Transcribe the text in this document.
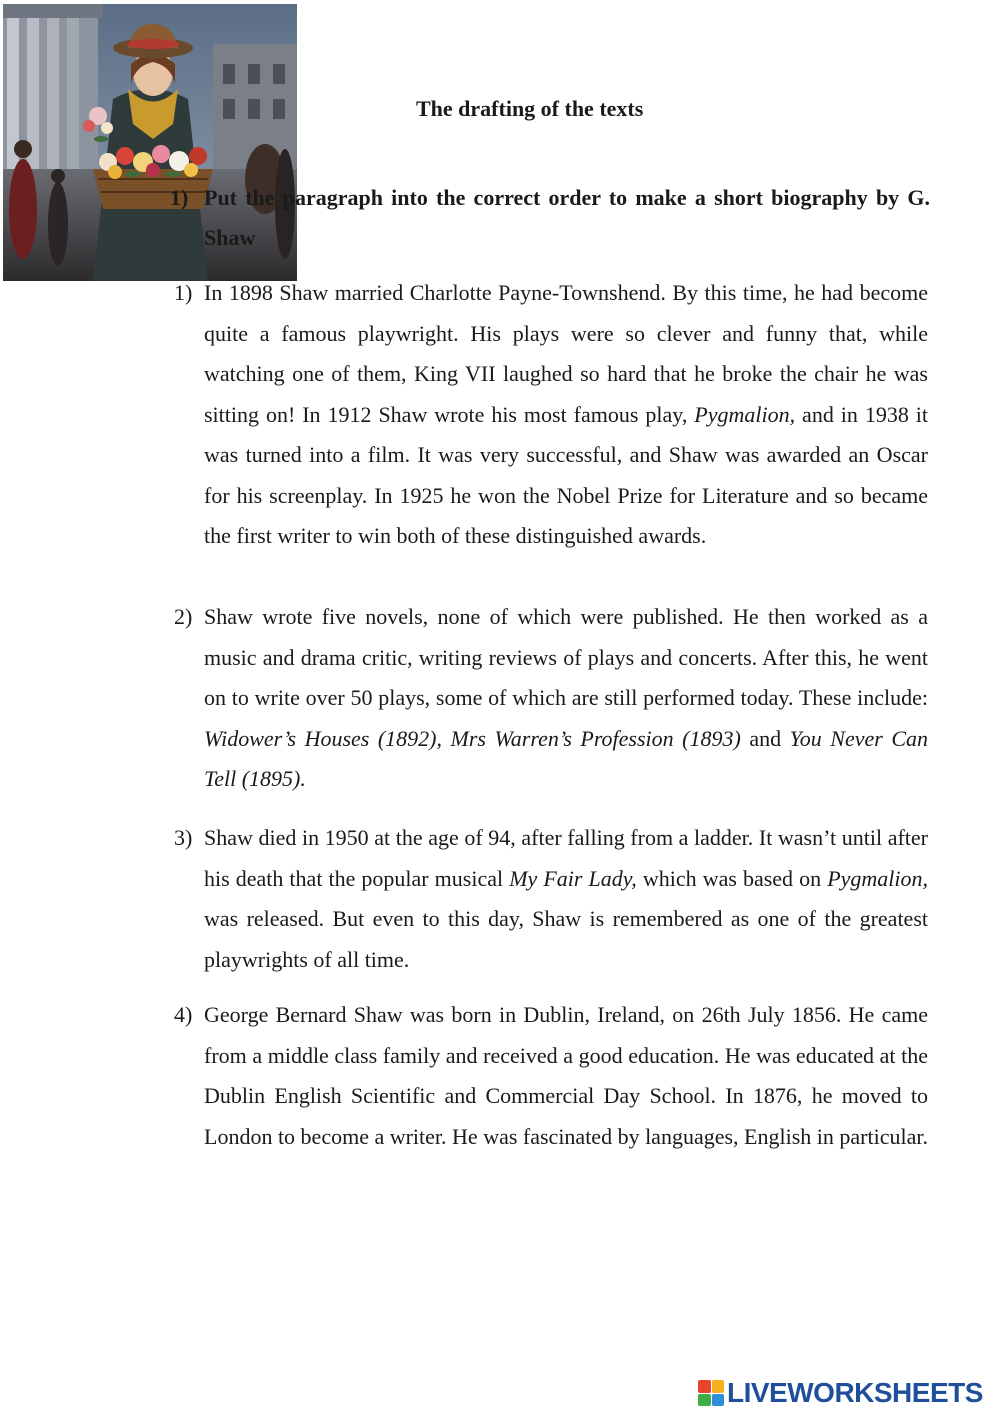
The drafting of the texts
1) Put the paragraph into the correct order to make a short biography by G. Shaw
1) In 1898 Shaw married Charlotte Payne-Townshend. By this time, he had become quite a famous playwright. His plays were so clever and funny that, while watching one of them, King VII laughed so hard that he broke the chair he was sitting on! In 1912 Shaw wrote his most famous play, Pygmalion, and in 1938 it was turned into a film. It was very successful, and Shaw was awarded an Oscar for his screenplay. In 1925 he won the Nobel Prize for Literature and so became the first writer to win both of these distinguished awards.
2) Shaw wrote five novels, none of which were published. He then worked as a music and drama critic, writing reviews of plays and concerts. After this, he went on to write over 50 plays, some of which are still performed today. These include: Widower’s Houses (1892), Mrs Warren’s Profession (1893) and You Never Can Tell (1895).
3) Shaw died in 1950 at the age of 94, after falling from a ladder. It wasn’t until after his death that the popular musical My Fair Lady, which was based on Pygmalion, was released. But even to this day, Shaw is remembered as one of the greatest playwrights of all time.
4) George Bernard Shaw was born in Dublin, Ireland, on 26th July 1856. He came from a middle class family and received a good education. He was educated at the Dublin English Scientific and Commercial Day School. In 1876, he moved to London to become a writer. He was fascinated by languages, English in particular.
LIVEWORKSHEETS
